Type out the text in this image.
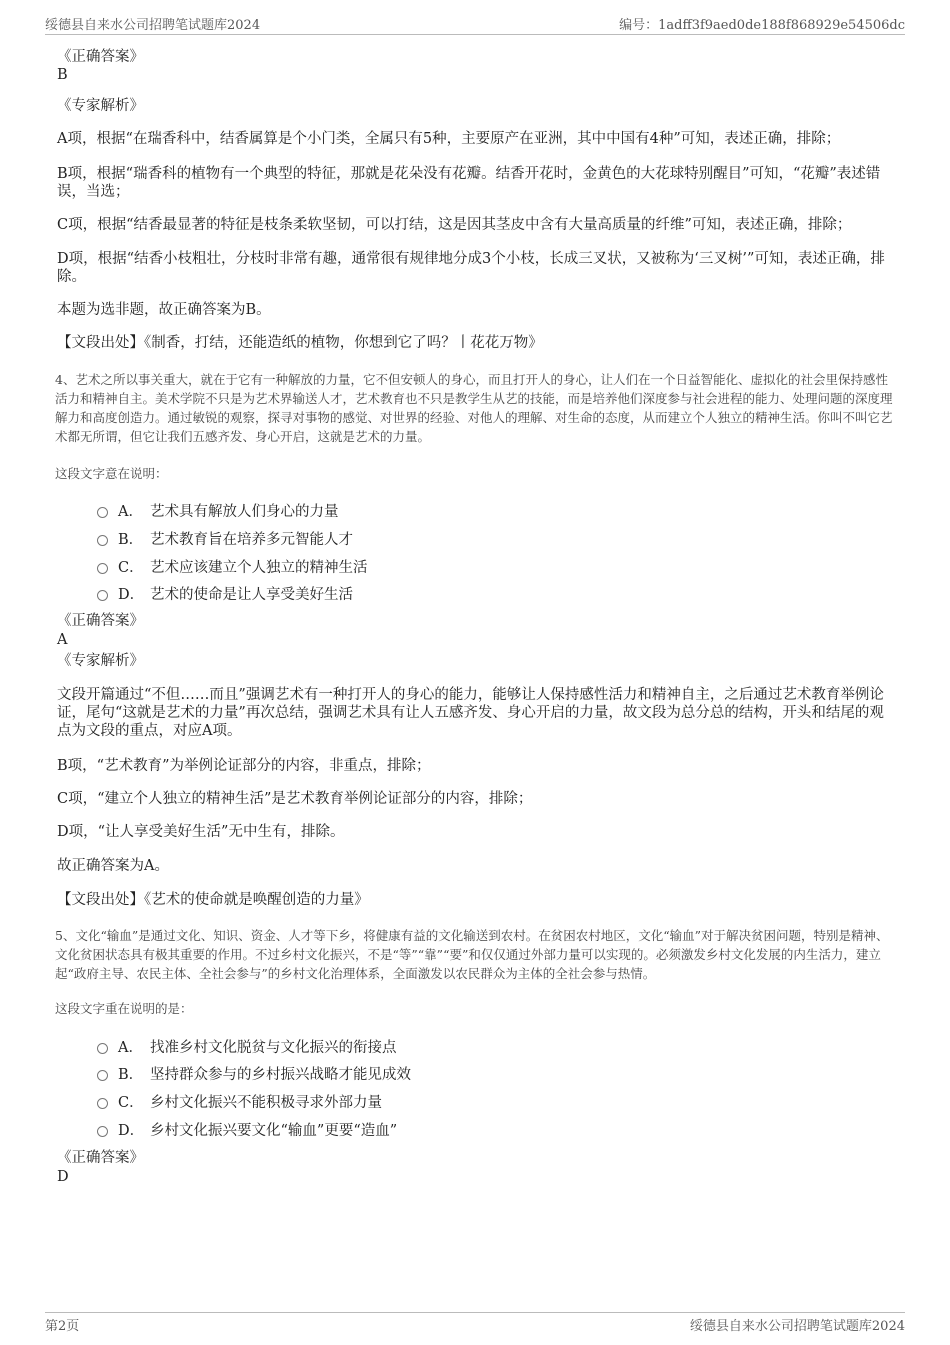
绥德县自来水公司招聘笔试题库2024	编号：1adff3f9aed0de188f868929e54506dc
《正确答案》
B
《专家解析》
A项，根据“在瑞香科中，结香属算是个小门类，全属只有5种，主要原产在亚洲，其中中国有4种”可知，表述正确，排除；
B项，根据“瑞香科的植物有一个典型的特征，那就是花朵没有花瓣。结香开花时，金黄色的大花球特别醒目”可知，“花瓣”表述错误，当选；
C项，根据“结香最显著的特征是枝条柔软坚韧，可以打结，这是因其茎皮中含有大量高质量的纤维”可知，表述正确，排除；
D项，根据“结香小枝粗壮，分枝时非常有趣，通常很有规律地分成3个小枝，长成三叉状，又被称为‘三叉树’”可知，表述正确，排除。
本题为选非题，故正确答案为B。
【文段出处】《制香，打结，还能造纸的植物，你想到它了吗？丨花花万物》
4、艺术之所以事关重大，就在于它有一种解放的力量，它不但安顿人的身心，而且打开人的身心，让人们在一个日益智能化、虚拟化的社会里保持感性活力和精神自主。美术学院不只是为艺术界输送人才，艺术教育也不只是教学生从艺的技能，而是培养他们深度参与社会进程的能力、处理问题的深度理解力和高度创造力。通过敏锐的观察，探寻对事物的感觉、对世界的经验、对他人的理解、对生命的态度，从而建立个人独立的精神生活。你叫不叫它艺术都无所谓，但它让我们五感齐发、身心开启，这就是艺术的力量。
这段文字意在说明：
A． 艺术具有解放人们身心的力量
B． 艺术教育旨在培养多元智能人才
C． 艺术应该建立个人独立的精神生活
D． 艺术的使命是让人享受美好生活
《正确答案》
A
《专家解析》
文段开篇通过“不但……而且”强调艺术有一种打开人的身心的能力，能够让人保持感性活力和精神自主，之后通过艺术教育举例论证，尾句“这就是艺术的力量”再次总结，强调艺术具有让人五感齐发、身心开启的力量，故文段为总分总的结构，开头和结尾的观点为文段的重点，对应A项。
B项，“艺术教育”为举例论证部分的内容，非重点，排除；
C项，“建立个人独立的精神生活”是艺术教育举例论证部分的内容，排除；
D项，“让人享受美好生活”无中生有，排除。
故正确答案为A。
【文段出处】《艺术的使命就是唤醒创造的力量》
5、文化“输血”是通过文化、知识、资金、人才等下乡，将健康有益的文化输送到农村。在贫困农村地区，文化“输血”对于解决贫困问题，特别是精神、文化贫困状态具有极其重要的作用。不过乡村文化振兴，不是“等”“靠”“要”和仅仅通过外部力量可以实现的。必须激发乡村文化发展的内生活力，建立起“政府主导、农民主体、全社会参与”的乡村文化治理体系，全面激发以农民群众为主体的全社会参与热情。
这段文字重在说明的是：
A． 找准乡村文化脱贫与文化振兴的衔接点
B． 坚持群众参与的乡村振兴战略才能见成效
C． 乡村文化振兴不能积极寻求外部力量
D． 乡村文化振兴要文化“输血”更要“造血”
《正确答案》
D
第2页	绥德县自来水公司招聘笔试题库2024
